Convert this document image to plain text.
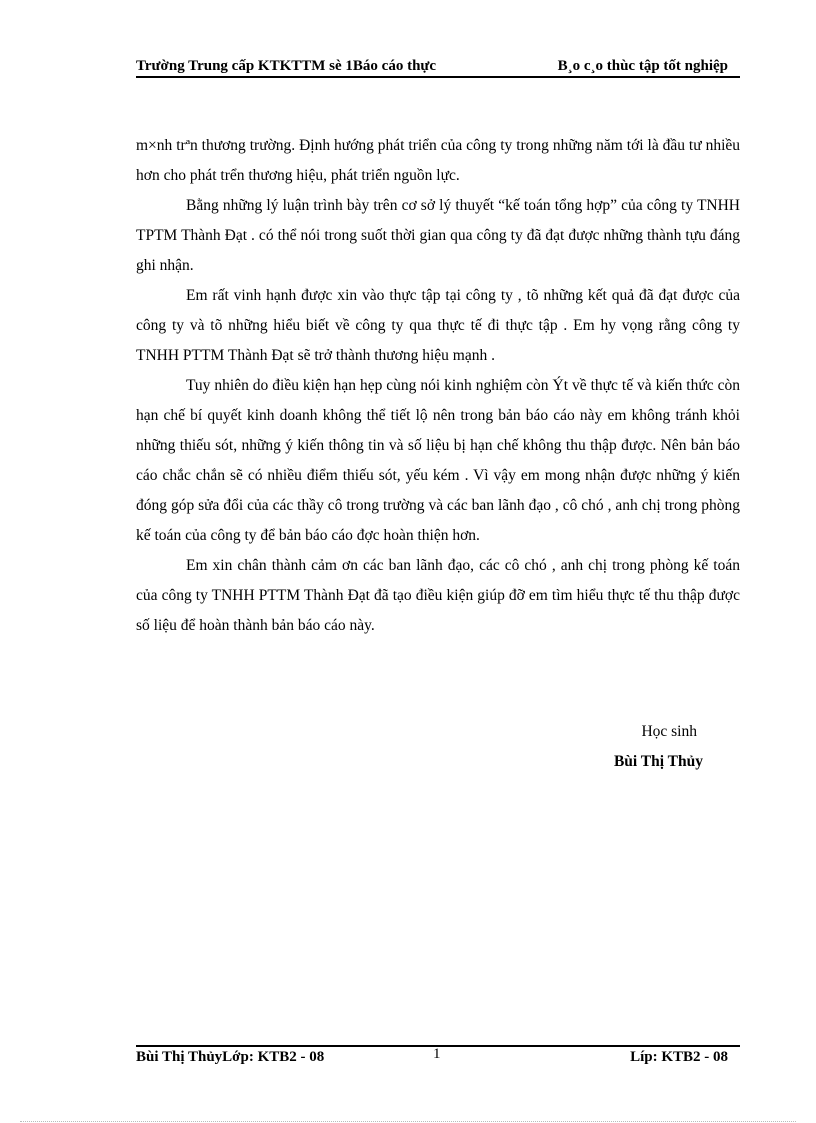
Trường Trung cấp KTKTTM sè 1Báo cáo thực	B¸o c¸o thùc tập tốt nghiệp

m×nh trªn thương trường. Định hướng phát triển của công ty trong những năm tới là đầu tư nhiều hơn cho phát trển thương hiệu, phát triển nguồn lực.

Bằng những lý luận trình bày trên cơ sở lý thuyết “kế toán tổng hợp” của công ty TNHH TPTM Thành Đạt . có thể nói trong suốt thời gian qua công ty đã đạt được những thành tựu đáng ghi nhận.

Em rất vinh hạnh được xin vào thực tập tại công ty , tõ những kết quả đã đạt được của công ty và tõ những hiểu biết về công ty qua thực tế đi thực tập . Em hy vọng rằng công ty TNHH PTTM Thành Đạt sẽ trở thành thương hiệu mạnh .

Tuy nhiên do điều kiện hạn hẹp cùng nói kinh nghiệm còn Ýt về thực tế và kiến thức còn hạn chế bí quyết kinh doanh không thể tiết lộ nên trong bản báo cáo này em không tránh khỏi những thiếu sót, những ý kiến thông tin và số liệu bị hạn chế không thu thập được. Nên bản báo cáo chắc chắn sẽ có nhiều điểm thiếu sót, yếu kém . Vì vậy em mong nhận được những ý kiến đóng góp sửa đổi của các thầy cô trong trường và các ban lãnh đạo , cô chó , anh chị trong phòng kế toán của công ty để bản báo cáo đợc hoàn thiện hơn.

Em xin chân thành cảm ơn các ban lãnh đạo, các cô chó , anh chị trong phòng kế toán của công ty TNHH PTTM Thành Đạt đã tạo điều kiện giúp đỡ em tìm hiểu thực tế thu thập được số liệu để hoàn thành bản báo cáo này.

Học sinh
Bùi Thị Thủy
Bùi Thị ThủyLớp: KTB2 - 08	1	Líp: KTB2 - 08
